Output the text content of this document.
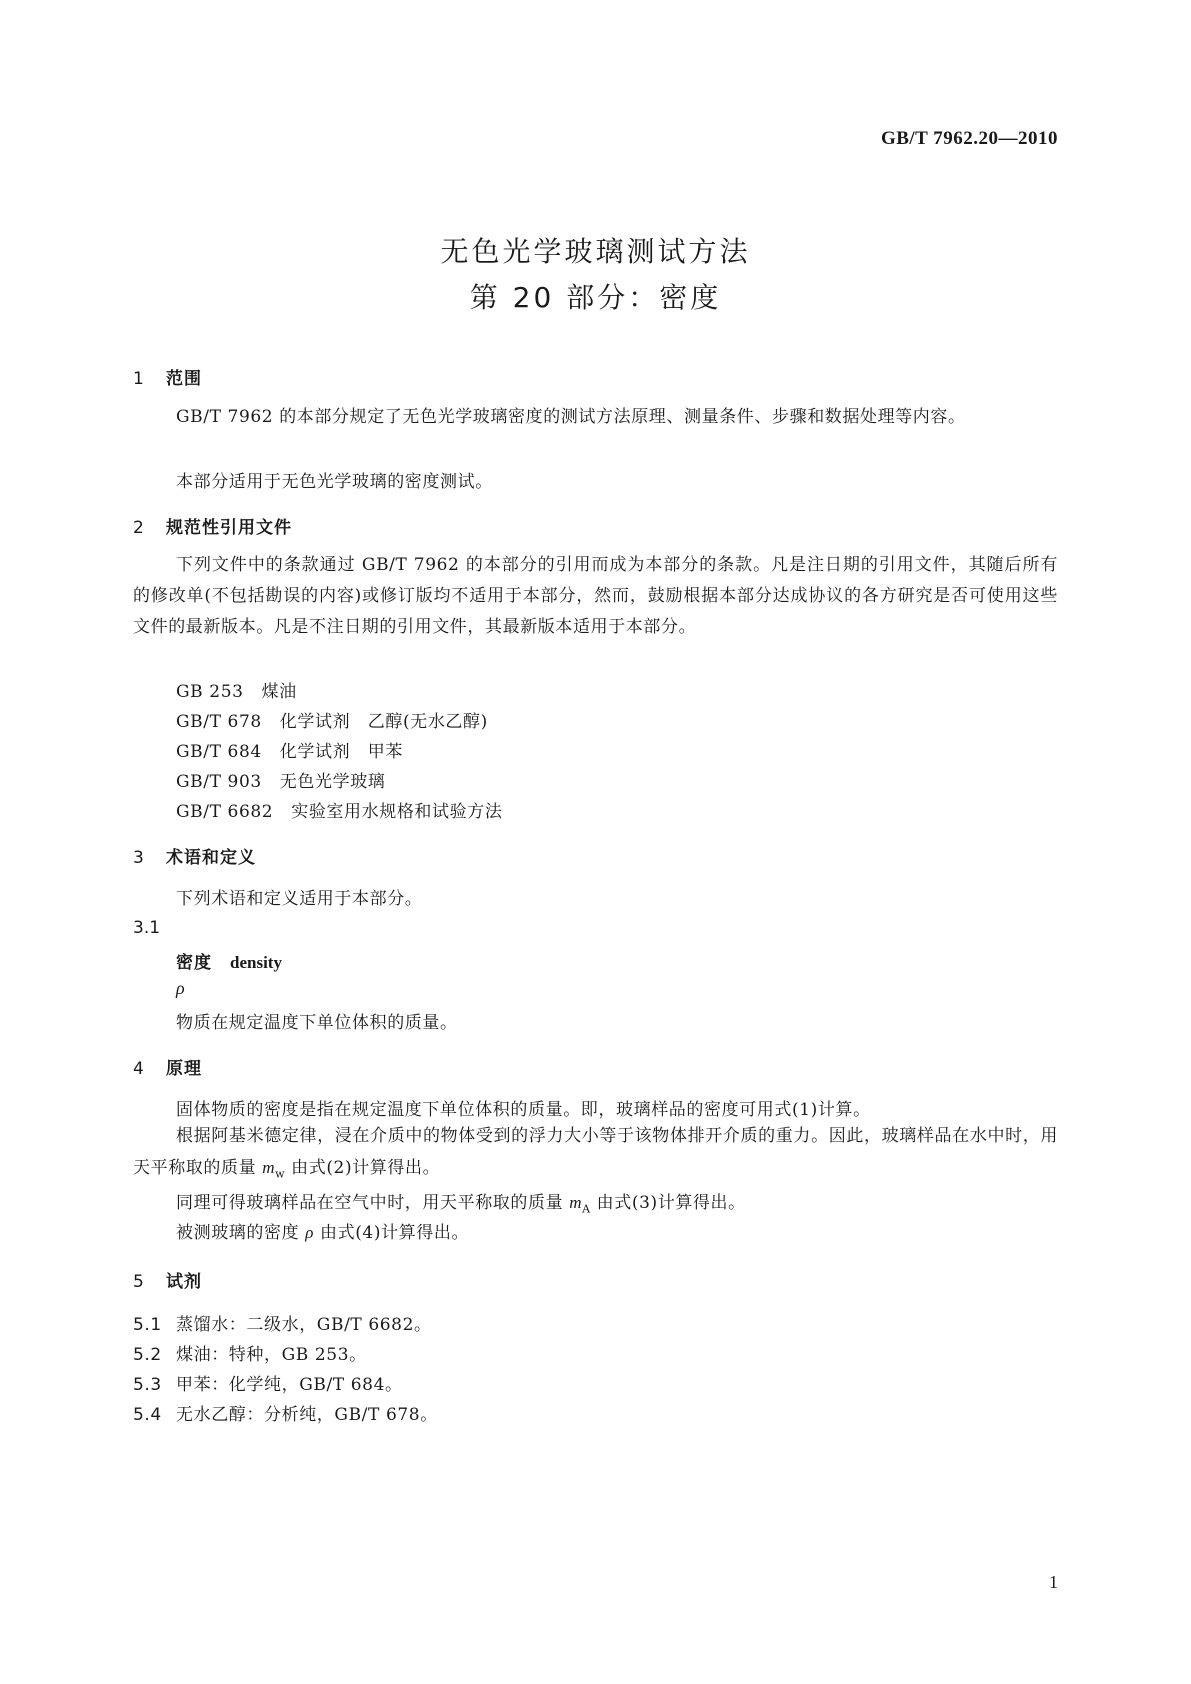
GB/T 7962.20—2010
无色光学玻璃测试方法
第 20 部分：密度
1 范围
GB/T 7962 的本部分规定了无色光学玻璃密度的测试方法原理、测量条件、步骤和数据处理等内容。
本部分适用于无色光学玻璃的密度测试。
2 规范性引用文件
下列文件中的条款通过 GB/T 7962 的本部分的引用而成为本部分的条款。凡是注日期的引用文件，其随后所有的修改单(不包括勘误的内容)或修订版均不适用于本部分，然而，鼓励根据本部分达成协议的各方研究是否可使用这些文件的最新版本。凡是不注日期的引用文件，其最新版本适用于本部分。
GB 253 煤油
GB/T 678 化学试剂　乙醇(无水乙醇)
GB/T 684 化学试剂　甲苯
GB/T 903 无色光学玻璃
GB/T 6682 实验室用水规格和试验方法
3 术语和定义
下列术语和定义适用于本部分。
3.1
密度 density
ρ
物质在规定温度下单位体积的质量。
4 原理
固体物质的密度是指在规定温度下单位体积的质量。即，玻璃样品的密度可用式(1)计算。
根据阿基米德定律，浸在介质中的物体受到的浮力大小等于该物体排开介质的重力。因此，玻璃样品在水中时，用天平称取的质量 $m_w$ 由式(2)计算得出。
同理可得玻璃样品在空气中时，用天平称取的质量 $m_A$ 由式(3)计算得出。
被测玻璃的密度 ρ 由式(4)计算得出。
5 试剂
5.1 蒸馏水：二级水，GB/T 6682。
5.2 煤油：特种，GB 253。
5.3 甲苯：化学纯，GB/T 684。
5.4 无水乙醇：分析纯，GB/T 678。
1
